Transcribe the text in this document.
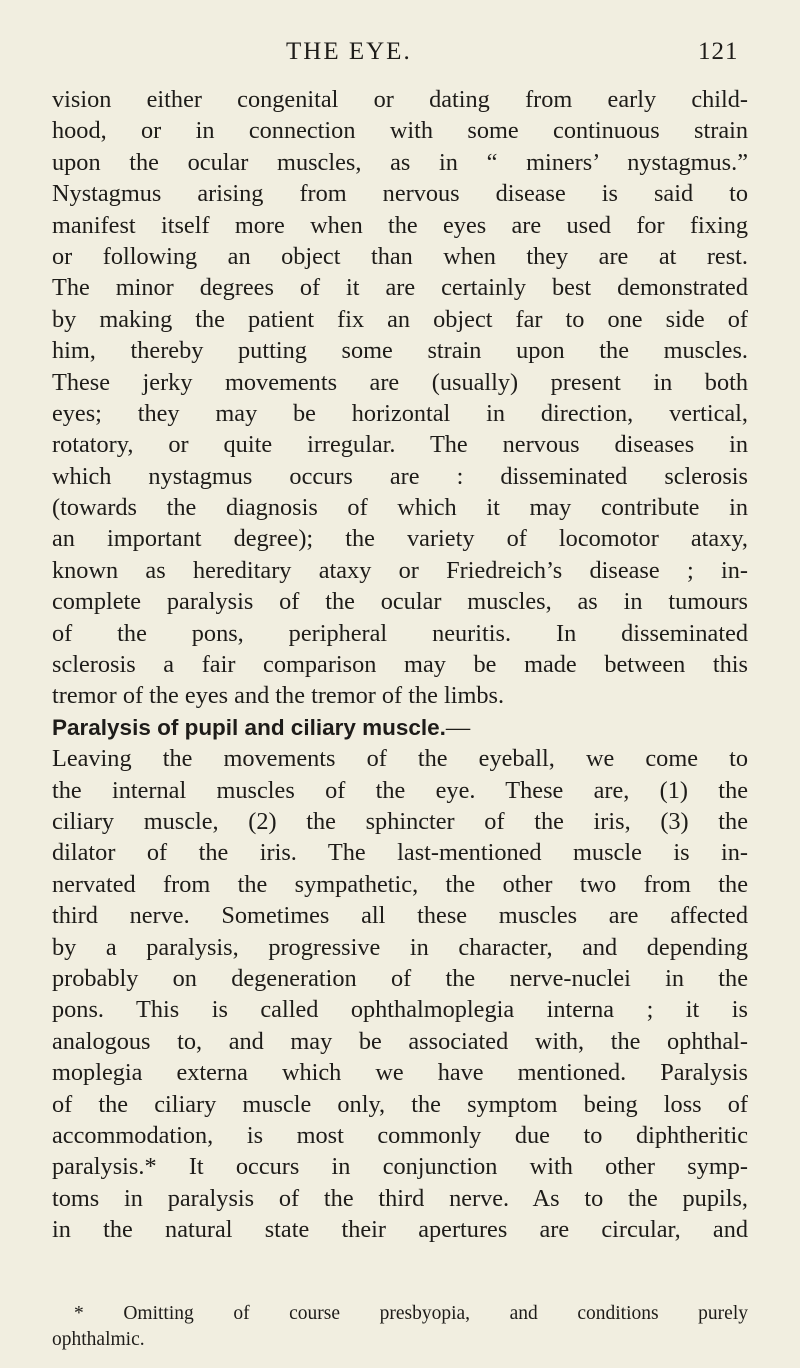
THE EYE.	121
vision either congenital or dating from early child-
hood, or in connection with some continuous strain
upon the ocular muscles, as in “ miners’ nystagmus.”
Nystagmus arising from nervous disease is said to
manifest itself more when the eyes are used for fixing
or following an object than when they are at rest.
The minor degrees of it are certainly best demonstrated
by making the patient fix an object far to one side of
him, thereby putting some strain upon the muscles.
These jerky movements are (usually) present in both
eyes; they may be horizontal in direction, vertical,
rotatory, or quite irregular. The nervous diseases in
which nystagmus occurs are : disseminated sclerosis
(towards the diagnosis of which it may contribute in
an important degree); the variety of locomotor ataxy,
known as hereditary ataxy or Friedreich’s disease ; in-
complete paralysis of the ocular muscles, as in tumours
of the pons, peripheral neuritis. In disseminated
sclerosis a fair comparison may be made between this
tremor of the eyes and the tremor of the limbs.
Paralysis of pupil and ciliary muscle.—
Leaving the movements of the eyeball, we come to
the internal muscles of the eye. These are, (1) the
ciliary muscle, (2) the sphincter of the iris, (3) the
dilator of the iris. The last-mentioned muscle is in-
nervated from the sympathetic, the other two from the
third nerve. Sometimes all these muscles are affected
by a paralysis, progressive in character, and depending
probably on degeneration of the nerve-nuclei in the
pons. This is called ophthalmoplegia interna ; it is
analogous to, and may be associated with, the ophthal-
moplegia externa which we have mentioned. Paralysis
of the ciliary muscle only, the symptom being loss of
accommodation, is most commonly due to diphtheritic
paralysis.* It occurs in conjunction with other symp-
toms in paralysis of the third nerve. As to the pupils,
in the natural state their apertures are circular, and
* Omitting of course presbyopia, and conditions purely
ophthalmic.
